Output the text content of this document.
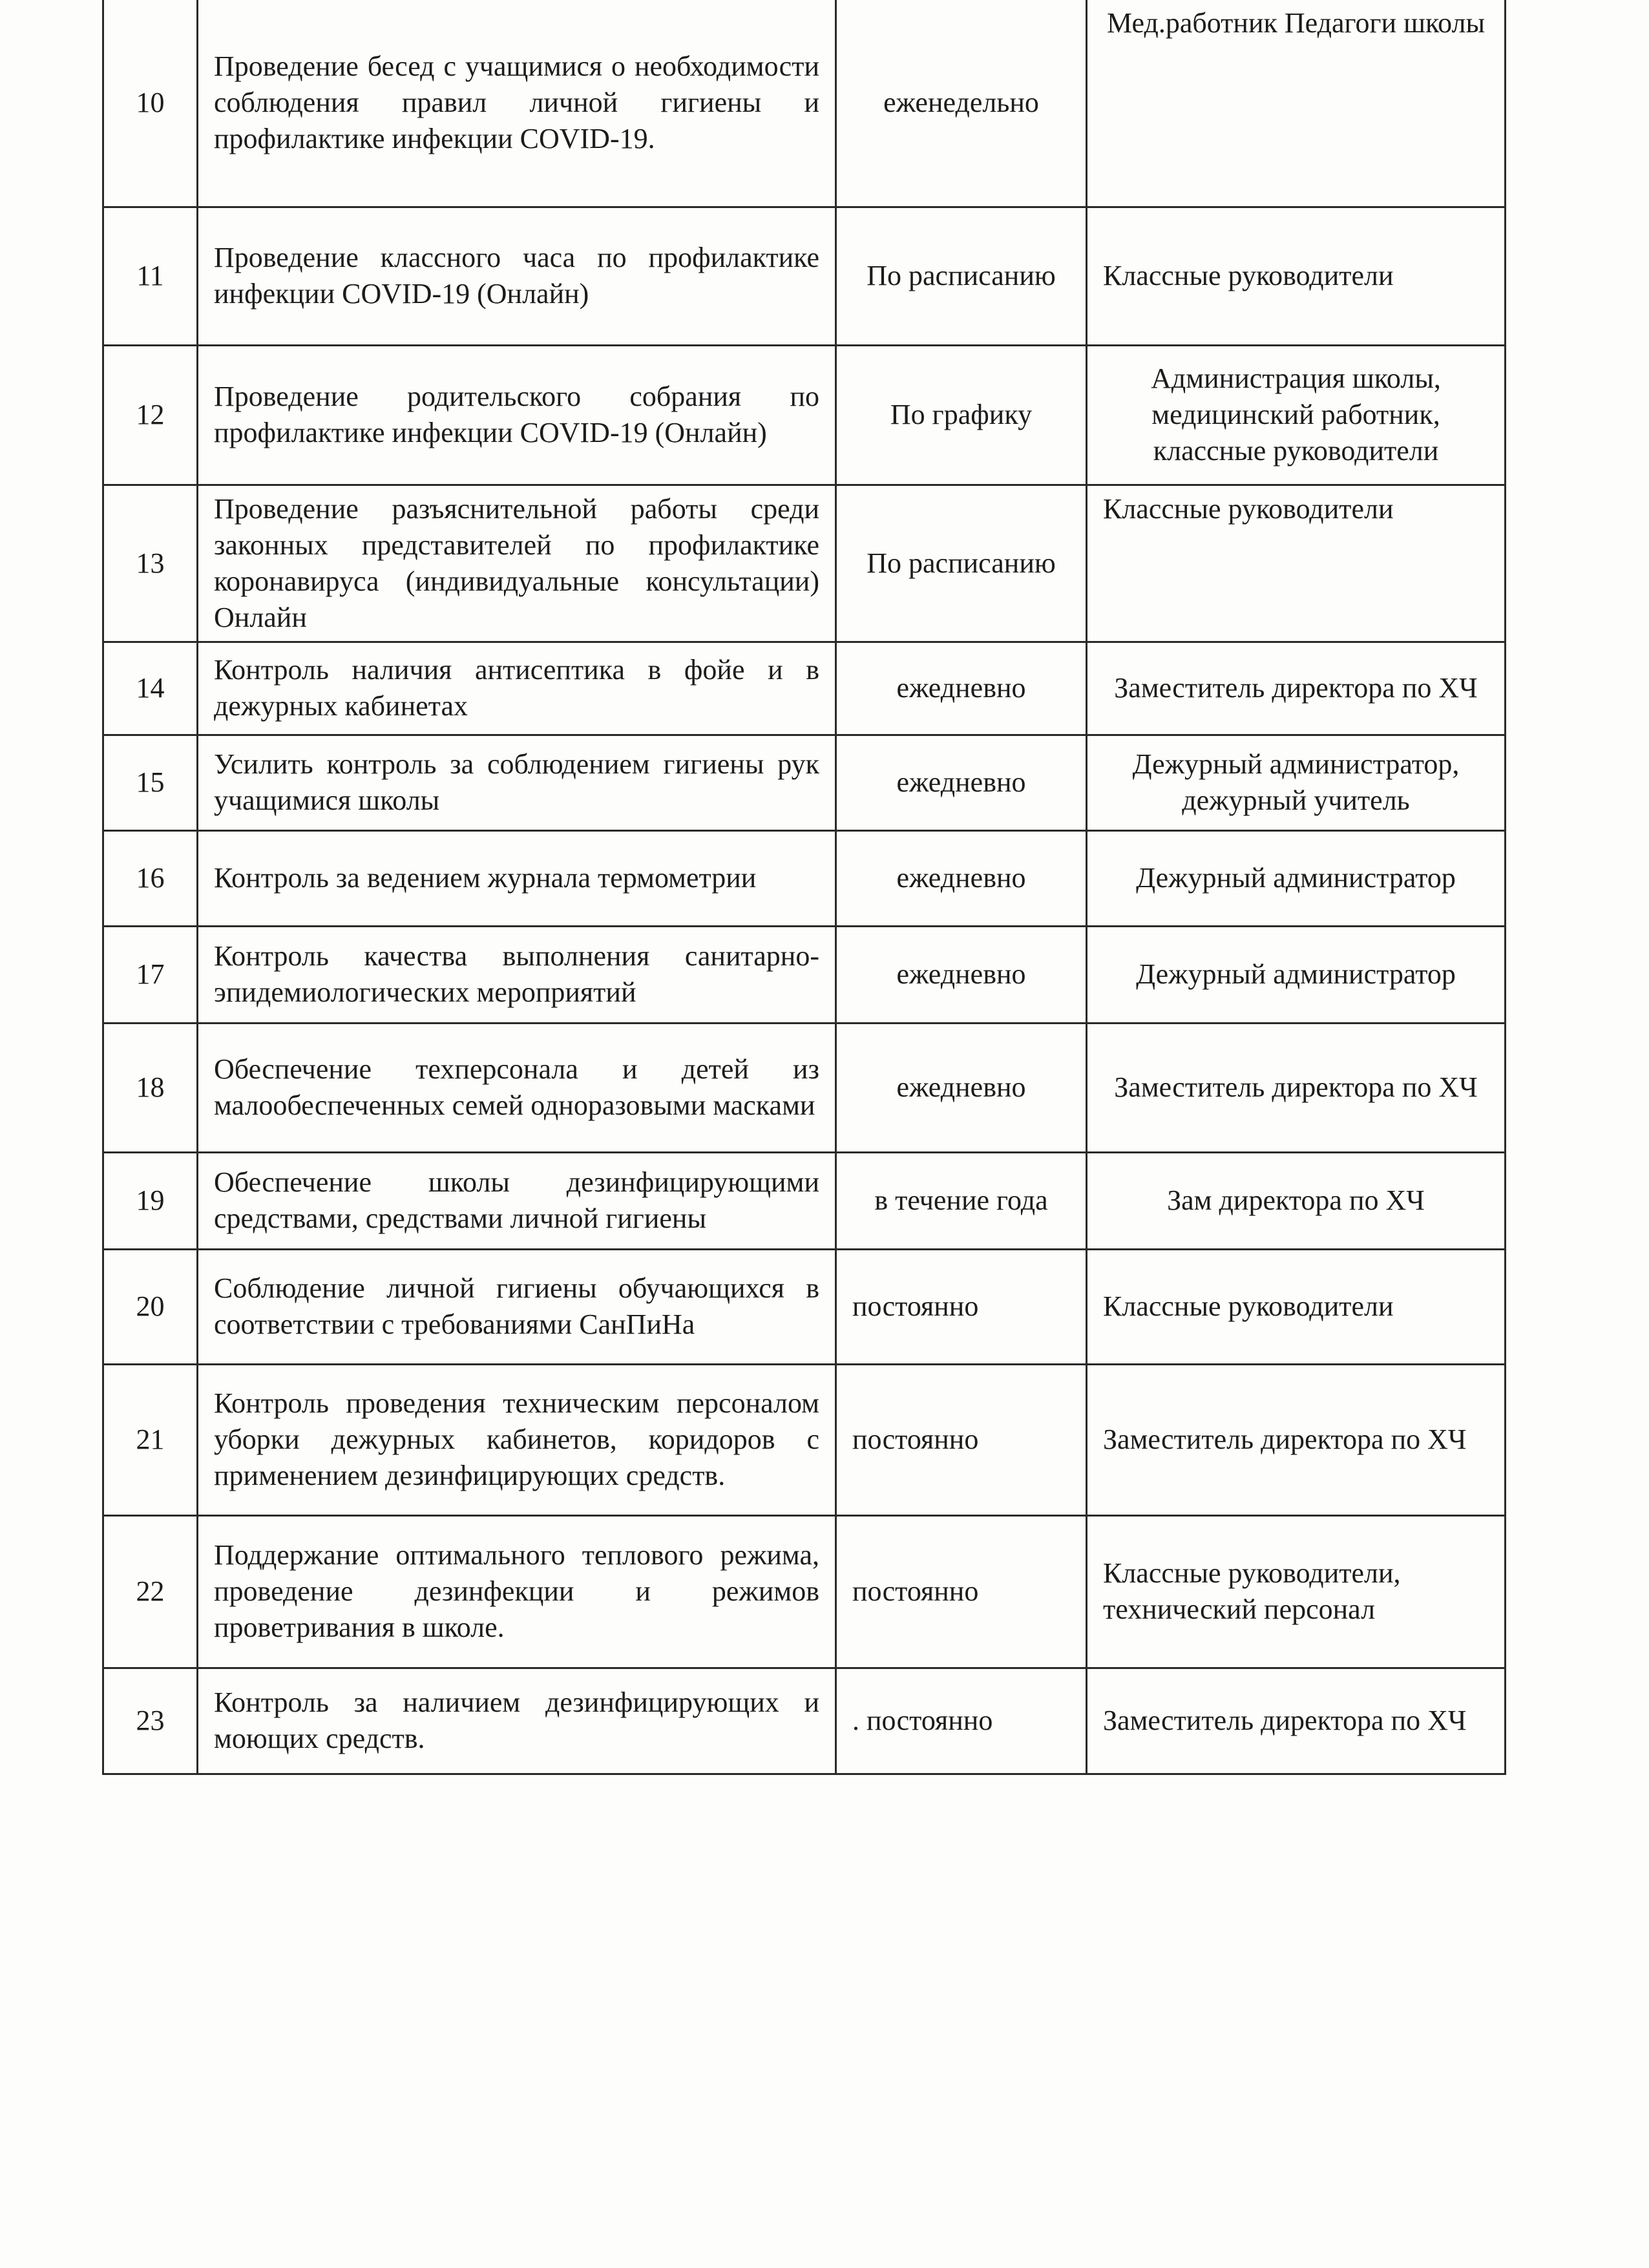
10	Проведение бесед с учащимися о необходимости соблюдения правил личной гигиены и профилактике инфекции COVID-19.	еженедельно	Мед.работник Педагоги школы
11	Проведение классного часа по профилактике инфекции COVID-19 (Онлайн)	По расписанию	Классные руководители
12	Проведение родительского собрания по профилактике инфекции COVID-19 (Онлайн)	По графику	Администрация школы, медицинский работник, классные руководители
13	Проведение разъяснительной работы среди законных представителей по профилактике коронавируса (индивидуальные консультации) Онлайн	По расписанию	Классные руководители
14	Контроль наличия антисептика в фойе и в дежурных кабинетах	ежедневно	Заместитель директора по ХЧ
15	Усилить контроль за соблюдением гигиены рук учащимися школы	ежедневно	Дежурный администратор, дежурный учитель
16	Контроль за ведением журнала термометрии	ежедневно	Дежурный администратор
17	Контроль качества выполнения санитарно-эпидемиологических мероприятий	ежедневно	Дежурный администратор
18	Обеспечение техперсонала и детей из малообеспеченных семей одноразовыми масками	ежедневно	Заместитель директора по ХЧ
19	Обеспечение школы дезинфицирующими средствами, средствами личной гигиены	в течение года	Зам директора по ХЧ
20	Соблюдение личной гигиены обучающихся в соответствии с требованиями СанПиНа	постоянно	Классные руководители
21	Контроль проведения техническим персоналом уборки дежурных кабинетов, коридоров с применением дезинфицирующих средств.	постоянно	Заместитель директора по ХЧ
22	Поддержание оптимального теплового режима, проведение дезинфекции и режимов проветривания в школе.	постоянно	Классные руководители, технический персонал
23	Контроль за наличием дезинфицирующих и моющих средств.	. постоянно	Заместитель директора по ХЧ
